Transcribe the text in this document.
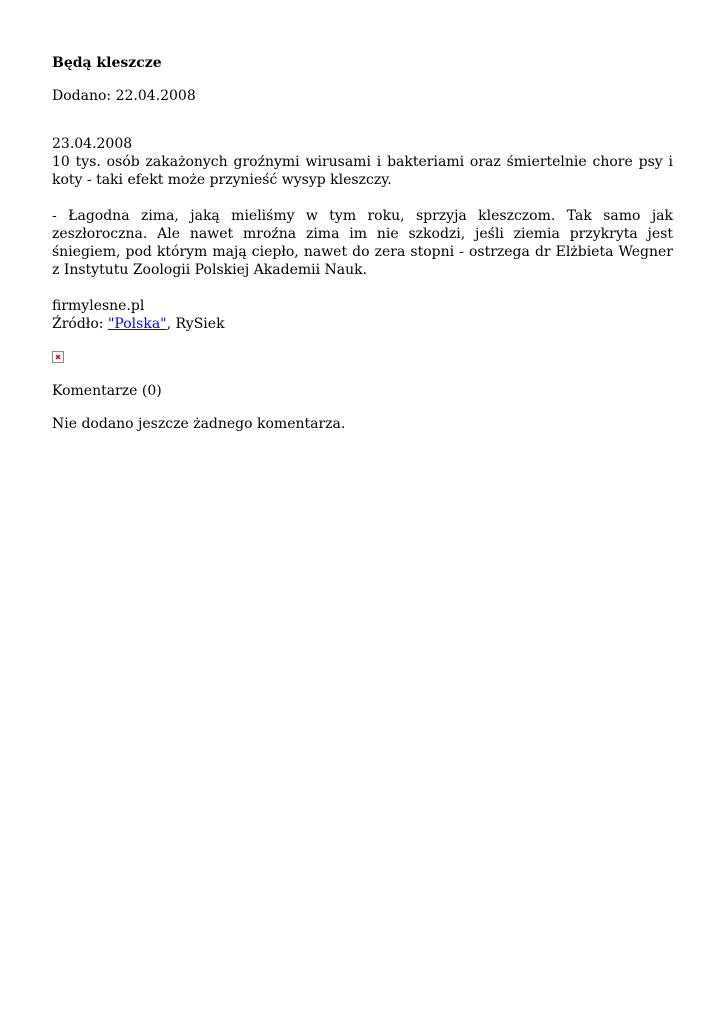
Będą kleszcze
Dodano: 22.04.2008

23.04.2008
10 tys. osób zakażonych groźnymi wirusami i bakteriami oraz śmiertelnie chore psy i koty - taki efekt może przynieść wysyp kleszczy.

- Łagodna zima, jaką mieliśmy w tym roku, sprzyja kleszczom. Tak samo jak zeszłoroczna. Ale nawet mroźna zima im nie szkodzi, jeśli ziemia przykryta jest śniegiem, pod którym mają ciepło, nawet do zera stopni - ostrzega dr Elżbieta Wegner z Instytutu Zoologii Polskiej Akademii Nauk.

firmylesne.pl
Źródło: "Polska", RySiek
Komentarze (0)
Nie dodano jeszcze żadnego komentarza.
